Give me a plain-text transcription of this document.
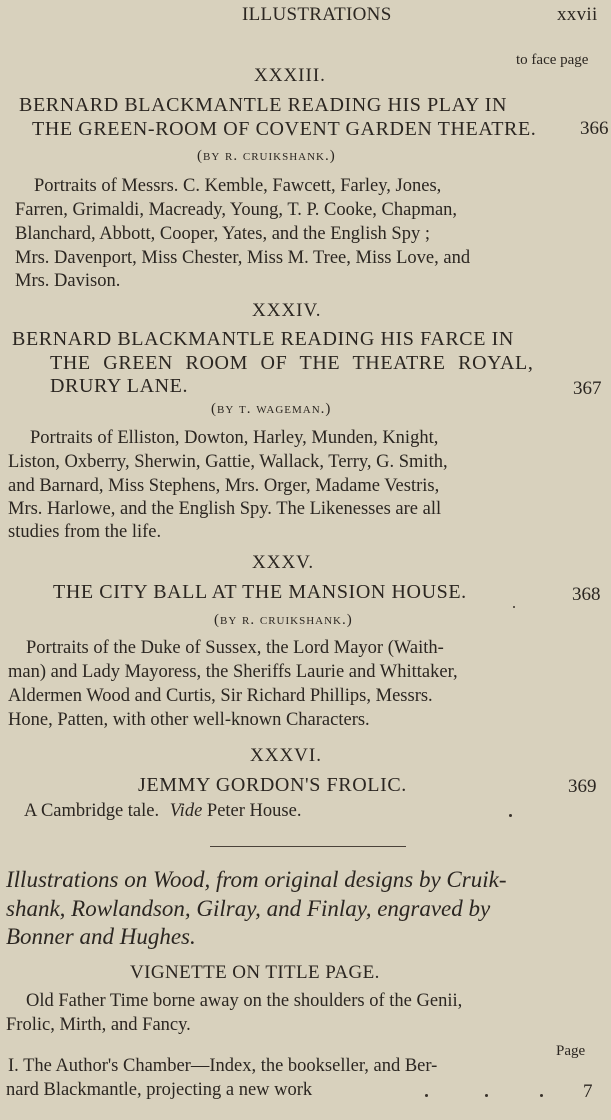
ILLUSTRATIONS	xxvii
to face page
XXXIII.
BERNARD BLACKMANTLE READING HIS PLAY IN
THE GREEN-ROOM OF COVENT GARDEN THEATRE. 366
(by r. cruikshank.)
Portraits of Messrs. C. Kemble, Fawcett, Farley, Jones,
Farren, Grimaldi, Macready, Young, T. P. Cooke, Chapman,
Blanchard, Abbott, Cooper, Yates, and the English Spy ;
Mrs. Davenport, Miss Chester, Miss M. Tree, Miss Love, and
Mrs. Davison.
XXXIV.
BERNARD BLACKMANTLE READING HIS FARCE IN
THE GREEN ROOM OF THE THEATRE ROYAL,
DRURY LANE.	367
(by t. wageman.)
Portraits of Elliston, Dowton, Harley, Munden, Knight,
Liston, Oxberry, Sherwin, Gattie, Wallack, Terry, G. Smith,
and Barnard, Miss Stephens, Mrs. Orger, Madame Vestris,
Mrs. Harlowe, and the English Spy. The Likenesses are all
studies from the life.
XXXV.
THE CITY BALL AT THE MANSION HOUSE.	368
(by r. cruikshank.)
Portraits of the Duke of Sussex, the Lord Mayor (Waith-
man) and Lady Mayoress, the Sheriffs Laurie and Whittaker,
Aldermen Wood and Curtis, Sir Richard Phillips, Messrs.
Hone, Patten, with other well-known Characters.
XXXVI.
JEMMY GORDON'S FROLIC.	369
A Cambridge tale. Vide Peter House.
Illustrations on Wood, from original designs by Cruik-
shank, Rowlandson, Gilray, and Finlay, engraved by
Bonner and Hughes.
VIGNETTE ON TITLE PAGE.
Old Father Time borne away on the shoulders of the Genii,
Frolic, Mirth, and Fancy.
Page
I. The Author's Chamber—Index, the bookseller, and Ber-
nard Blackmantle, projecting a new work	7
